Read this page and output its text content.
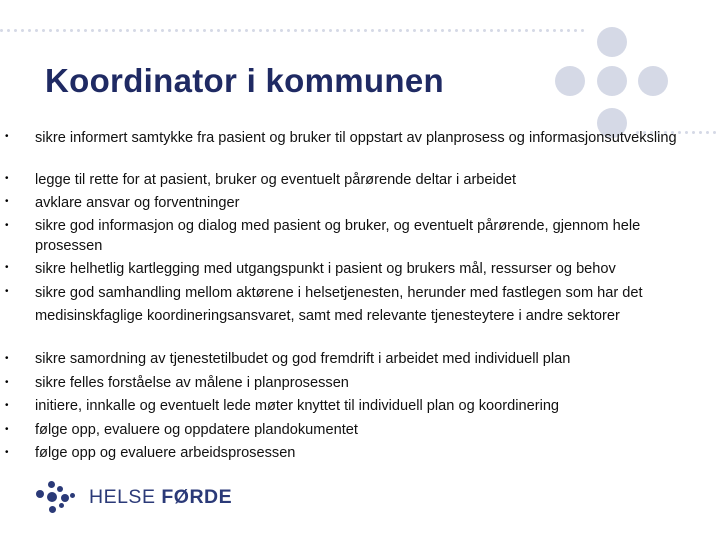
Koordinator i kommunen
• sikre informert samtykke fra pasient og bruker til oppstart av planprosess og informasjonsutveksling
• legge til rette for at pasient, bruker og eventuelt pårørende deltar i arbeidet
• avklare ansvar og forventninger
• sikre god informasjon og dialog med pasient og bruker, og eventuelt pårørende, gjennom hele prosessen
• sikre helhetlig kartlegging med utgangspunkt i pasient og brukers mål, ressurser og behov
• sikre god samhandling mellom aktørene i helsetjenesten, herunder med fastlegen som har det medisinskfaglige koordineringsansvaret, samt med relevante tjenesteytere i andre sektorer
• sikre samordning av tjenestetilbudet og god fremdrift i arbeidet med individuell plan
• sikre felles forståelse av målene i planprosessen
• initiere, innkalle og eventuelt lede møter knyttet til individuell plan og koordinering
• følge opp, evaluere og oppdatere plandokumentet
• følge opp og evaluere arbeidsprosessen
HELSE FØRDE
